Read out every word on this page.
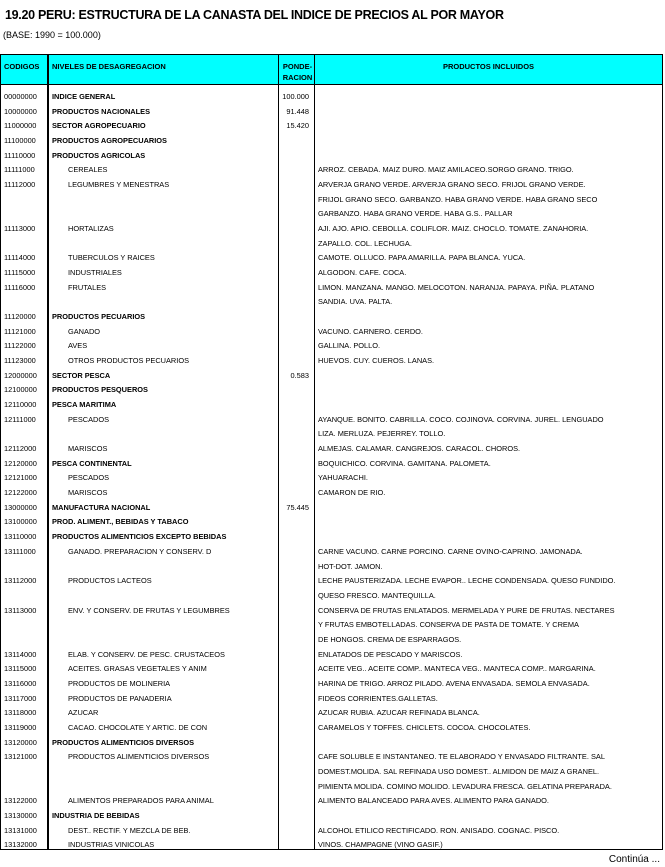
19.20 PERU: ESTRUCTURA DE LA CANASTA DEL INDICE DE PRECIOS AL POR MAYOR
(BASE: 1990 = 100.000)
CODIGOS NIVELES DE DESAGREGACION	PONDE-
RACION
PRODUCTOS INCLUIDOS
00000000 INDICE GENERAL	100.000
10000000 PRODUCTOS NACIONALES	91.448
11000000 SECTOR AGROPECUARIO	15.420
11100000 PRODUCTOS AGROPECUARIOS
11110000 PRODUCTOS AGRICOLAS
11111000	CEREALES	ARROZ. CEBADA. MAIZ DURO. MAIZ AMILACEO.SORGO GRANO. TRIGO.
11112000	LEGUMBRES Y MENESTRAS	ARVERJA GRANO VERDE. ARVERJA GRANO SECO. FRIJOL GRANO VERDE.
FRIJOL GRANO SECO. GARBANZO. HABA GRANO VERDE. HABA GRANO SECO
GARBANZO. HABA GRANO VERDE. HABA G.S.. PALLAR
11113000	HORTALIZAS	AJI. AJO. APIO. CEBOLLA. COLIFLOR. MAIZ. CHOCLO. TOMATE. ZANAHORIA.
ZAPALLO. COL. LECHUGA.
11114000	TUBERCULOS Y RAICES	CAMOTE. OLLUCO. PAPA AMARILLA. PAPA BLANCA. YUCA.
11115000	INDUSTRIALES	ALGODON. CAFE. COCA.
11116000	FRUTALES	LIMON. MANZANA. MANGO. MELOCOTON. NARANJA. PAPAYA. PIÑA. PLATANO
SANDIA. UVA. PALTA.
11120000 PRODUCTOS PECUARIOS
11121000	GANADO	VACUNO. CARNERO. CERDO.
11122000	AVES	GALLINA. POLLO.
11123000	OTROS PRODUCTOS PECUARIOS	HUEVOS. CUY. CUEROS. LANAS.
12000000 SECTOR PESCA	0.583
12100000 PRODUCTOS PESQUEROS
12110000 PESCA MARITIMA
12111000	PESCADOS	AYANQUE. BONITO. CABRILLA. COCO. COJINOVA. CORVINA. JUREL. LENGUADO
LIZA. MERLUZA. PEJERREY. TOLLO.
12112000	MARISCOS	ALMEJAS. CALAMAR. CANGREJOS. CARACOL. CHOROS.
12120000 PESCA CONTINENTAL	BOQUICHICO. CORVINA. GAMITANA. PALOMETA.
12121000	PESCADOS	YAHUARACHI.
12122000	MARISCOS	CAMARON DE RIO.
13000000 MANUFACTURA NACIONAL	75.445
13100000 PROD. ALIMENT., BEBIDAS Y TABACO
13110000 PRODUCTOS ALIMENTICIOS EXCEPTO BEBIDAS
13111000	GANADO. PREPARACION Y CONSERV. D	CARNE VACUNO. CARNE PORCINO. CARNE OVINO-CAPRINO. JAMONADA.
HOT-DOT. JAMON.
13112000	PRODUCTOS LACTEOS	LECHE PAUSTERIZADA. LECHE EVAPOR.. LECHE CONDENSADA. QUESO FUNDIDO.
QUESO FRESCO. MANTEQUILLA.
13113000	ENV. Y CONSERV. DE FRUTAS Y LEGUMBRES	CONSERVA DE FRUTAS ENLATADOS. MERMELADA Y PURE DE FRUTAS. NECTARES
Y FRUTAS EMBOTELLADAS. CONSERVA DE PASTA DE TOMATE. Y CREMA
DE HONGOS. CREMA DE ESPARRAGOS.
13114000	ELAB. Y CONSERV. DE PESC. CRUSTACEOS	ENLATADOS DE PESCADO Y MARISCOS.
13115000	ACEITES. GRASAS VEGETALES Y ANIM	ACEITE VEG.. ACEITE COMP.. MANTECA VEG.. MANTECA COMP.. MARGARINA.
13116000	PRODUCTOS DE MOLINERIA	HARINA DE TRIGO. ARROZ PILADO. AVENA ENVASADA. SEMOLA ENVASADA.
13117000	PRODUCTOS DE PANADERIA	FIDEOS CORRIENTES.GALLETAS.
13118000	AZUCAR	AZUCAR RUBIA. AZUCAR REFINADA BLANCA.
13119000	CACAO. CHOCOLATE Y ARTIC. DE CON	CARAMELOS Y TOFFES. CHICLETS. COCOA. CHOCOLATES.
13120000 PRODUCTOS ALIMENTICIOS DIVERSOS
13121000	PRODUCTOS ALIMENTICIOS DIVERSOS	CAFE SOLUBLE E INSTANTANEO. TE ELABORADO Y ENVASADO FILTRANTE. SAL
DOMEST.MOLIDA. SAL REFINADA USO DOMEST.. ALMIDON DE MAIZ A GRANEL.
PIMIENTA MOLIDA. COMINO MOLIDO. LEVADURA FRESCA. GELATINA PREPARADA.
13122000	ALIMENTOS PREPARADOS PARA ANIMAL	ALIMENTO BALANCEADO PARA AVES. ALIMENTO PARA GANADO.
13130000 INDUSTRIA DE BEBIDAS
13131000	DEST.. RECTIF. Y MEZCLA DE BEB.	ALCOHOL ETILICO RECTIFICADO. RON. ANISADO. COGNAC. PISCO.
13132000	INDUSTRIAS VINICOLAS	VINOS. CHAMPAGNE (VINO GASIF.)
Continúa ...
